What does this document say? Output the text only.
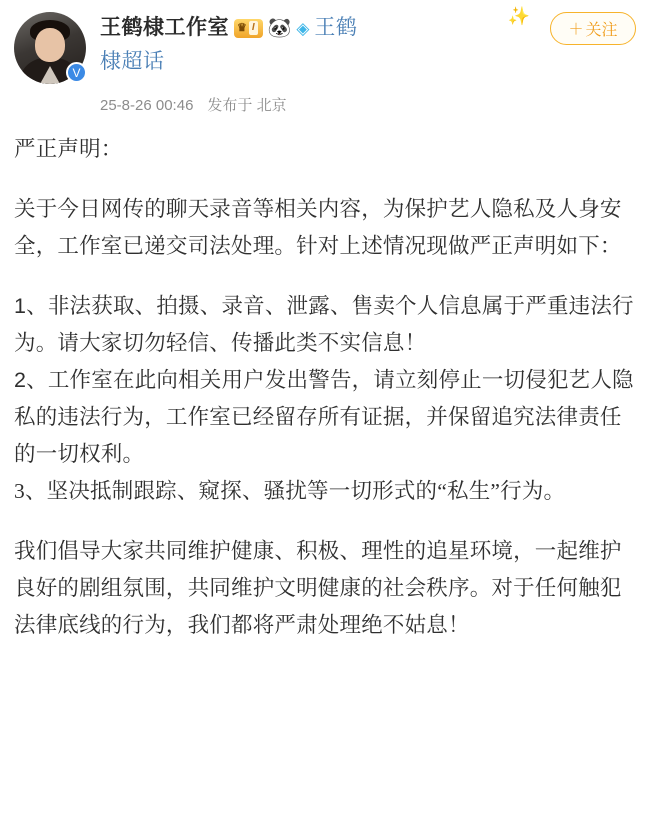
V
王鹤棣工作室 ♛ I 🐼 ◈ 王鹤
棣超话
✨
＋ 关注
25-8-26 00:46 发布于 北京

严正声明：

关于今日网传的聊天录音等相关内容，为保护艺人隐私及人身安全，工作室已递交司法处理。针对上述情况现做严正声明如下：

1、非法获取、拍摄、录音、泄露、售卖个人信息属于严重违法行为。请大家切勿轻信、传播此类不实信息！

2、工作室在此向相关用户发出警告，请立刻停止一切侵犯艺人隐私的违法行为，工作室已经留存所有证据，并保留追究法律责任的一切权利。

3、坚决抵制跟踪、窥探、骚扰等一切形式的“私生”行为。

我们倡导大家共同维护健康、积极、理性的追星环境，一起维护良好的剧组氛围，共同维护文明健康的社会秩序。对于任何触犯法律底线的行为，我们都将严肃处理绝不姑息！
